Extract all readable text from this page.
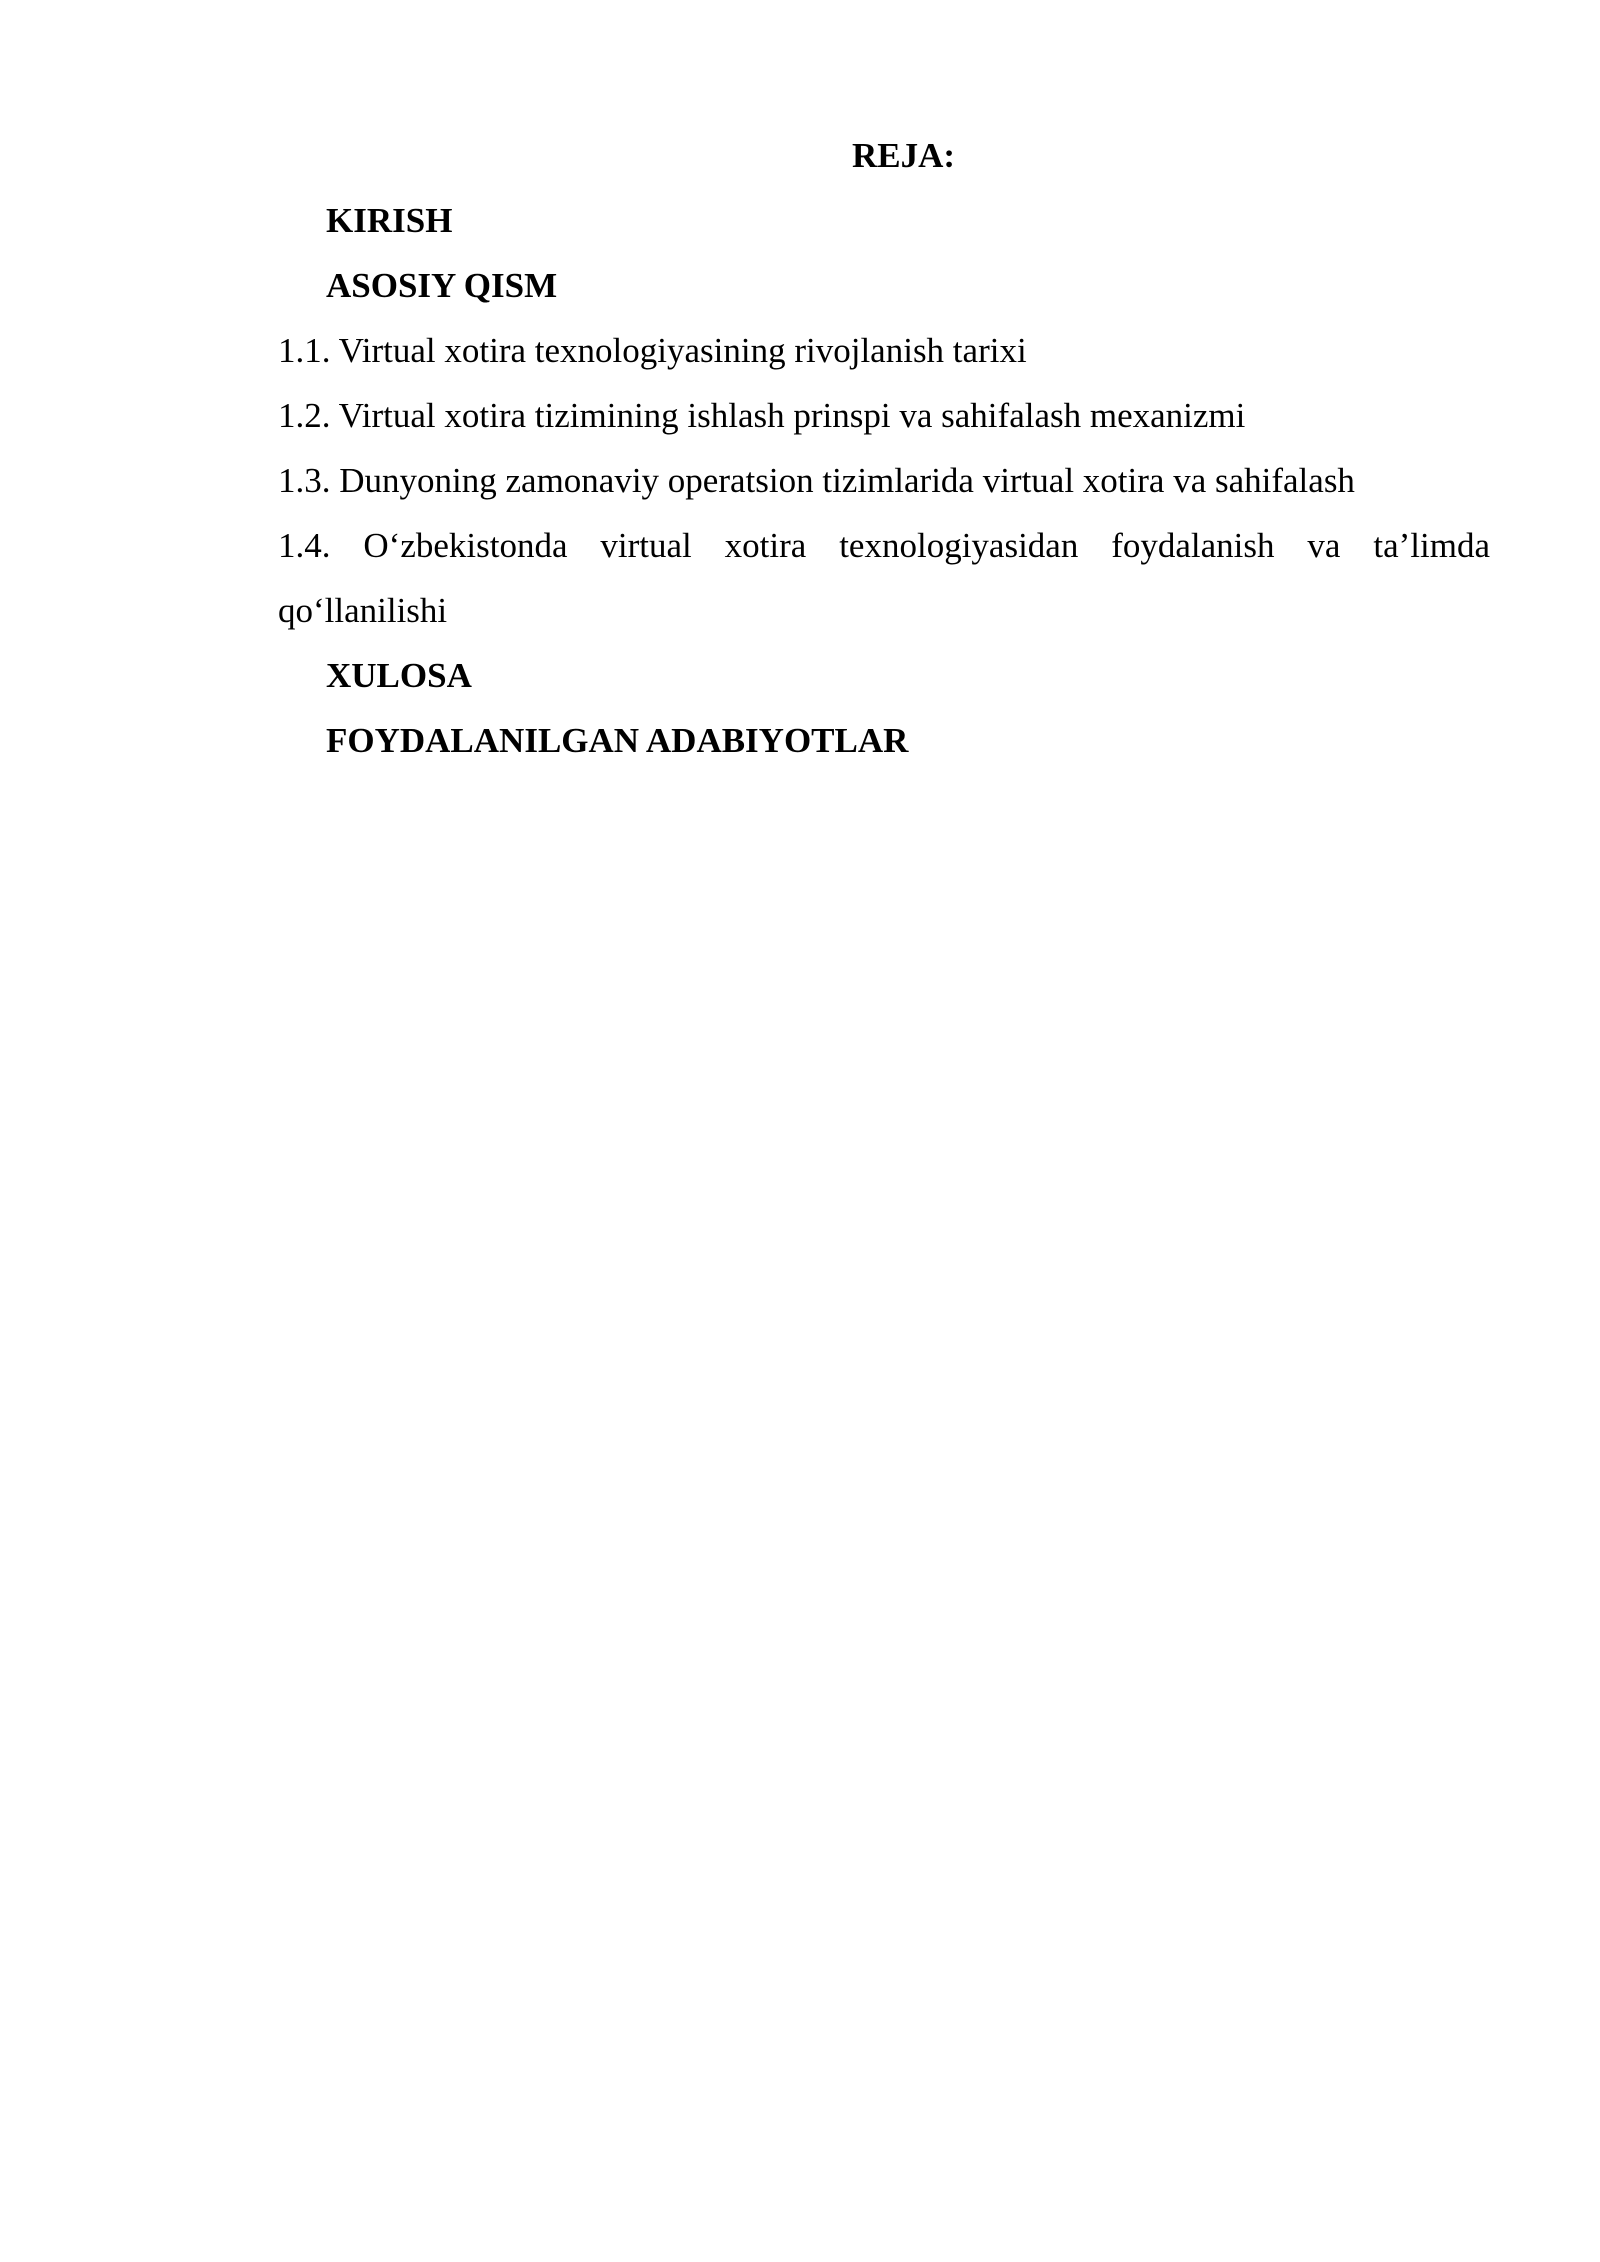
REJA:
KIRISH
ASOSIY QISM
1.1. Virtual xotira texnologiyasining rivojlanish tarixi
1.2. Virtual xotira tizimining ishlash prinspi va sahifalash mexanizmi
1.3. Dunyoning zamonaviy operatsion tizimlarida virtual xotira va sahifalash
1.4. O‘zbekistonda virtual xotira texnologiyasidan foydalanish va ta’limda
qo‘llanilishi
XULOSA
FOYDALANILGAN ADABIYOTLAR
